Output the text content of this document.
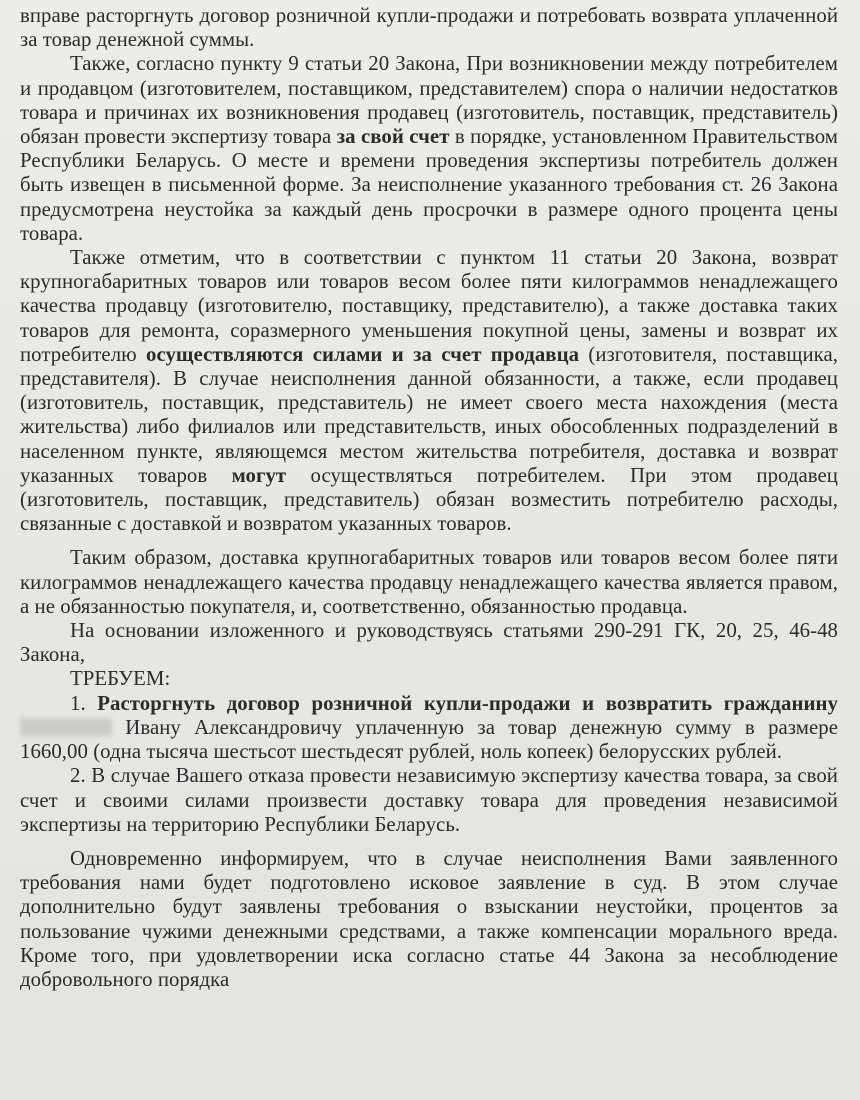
вправе расторгнуть договор розничной купли-продажи и потребовать возврата уплаченной за товар денежной суммы.

Также, согласно пункту 9 статьи 20 Закона, При возникновении между потребителем и продавцом (изготовителем, поставщиком, представителем) спора о наличии недостатков товара и причинах их возникновения продавец (изготовитель, поставщик, представитель) обязан провести экспертизу товара за свой счет в порядке, установленном Правительством Республики Беларусь. О месте и времени проведения экспертизы потребитель должен быть извещен в письменной форме. За неисполнение указанного требования ст. 26 Закона предусмотрена неустойка за каждый день просрочки в размере одного процента цены товара.

Также отметим, что в соответствии с пунктом 11 статьи 20 Закона, возврат крупногабаритных товаров или товаров весом более пяти килограммов ненадлежащего качества продавцу (изготовителю, поставщику, представителю), а также доставка таких товаров для ремонта, соразмерного уменьшения покупной цены, замены и возврат их потребителю осуществляются силами и за счет продавца (изготовителя, поставщика, представителя). В случае неисполнения данной обязанности, а также, если продавец (изготовитель, поставщик, представитель) не имеет своего места нахождения (места жительства) либо филиалов или представительств, иных обособленных подразделений в населенном пункте, являющемся местом жительства потребителя, доставка и возврат указанных товаров могут осуществляться потребителем. При этом продавец (изготовитель, поставщик, представитель) обязан возместить потребителю расходы, связанные с доставкой и возвратом указанных товаров.

Таким образом, доставка крупногабаритных товаров или товаров весом более пяти килограммов ненадлежащего качества продавцу ненадлежащего качества является правом, а не обязанностью покупателя, и, соответственно, обязанностью продавца.

На основании изложенного и руководствуясь статьями 290-291 ГК, 20, 25, 46-48 Закона,

ТРЕБУЕМ:

1. Расторгнуть договор розничной купли-продажи и возвратить гражданину  Ивану Александровичу уплаченную за товар денежную сумму в размере 1660,00 (одна тысяча шестьсот шестьдесят рублей, ноль копеек) белорусских рублей.

2. В случае Вашего отказа провести независимую экспертизу качества товара, за свой счет и своими силами произвести доставку товара для проведения независимой экспертизы на территорию Республики Беларусь.

Одновременно информируем, что в случае неисполнения Вами заявленного требования нами будет подготовлено исковое заявление в суд. В этом случае дополнительно будут заявлены требования о взыскании неустойки, процентов за пользование чужими денежными средствами, а также компенсации морального вреда. Кроме того, при удовлетворении иска согласно статье 44 Закона за несоблюдение добровольного порядка
